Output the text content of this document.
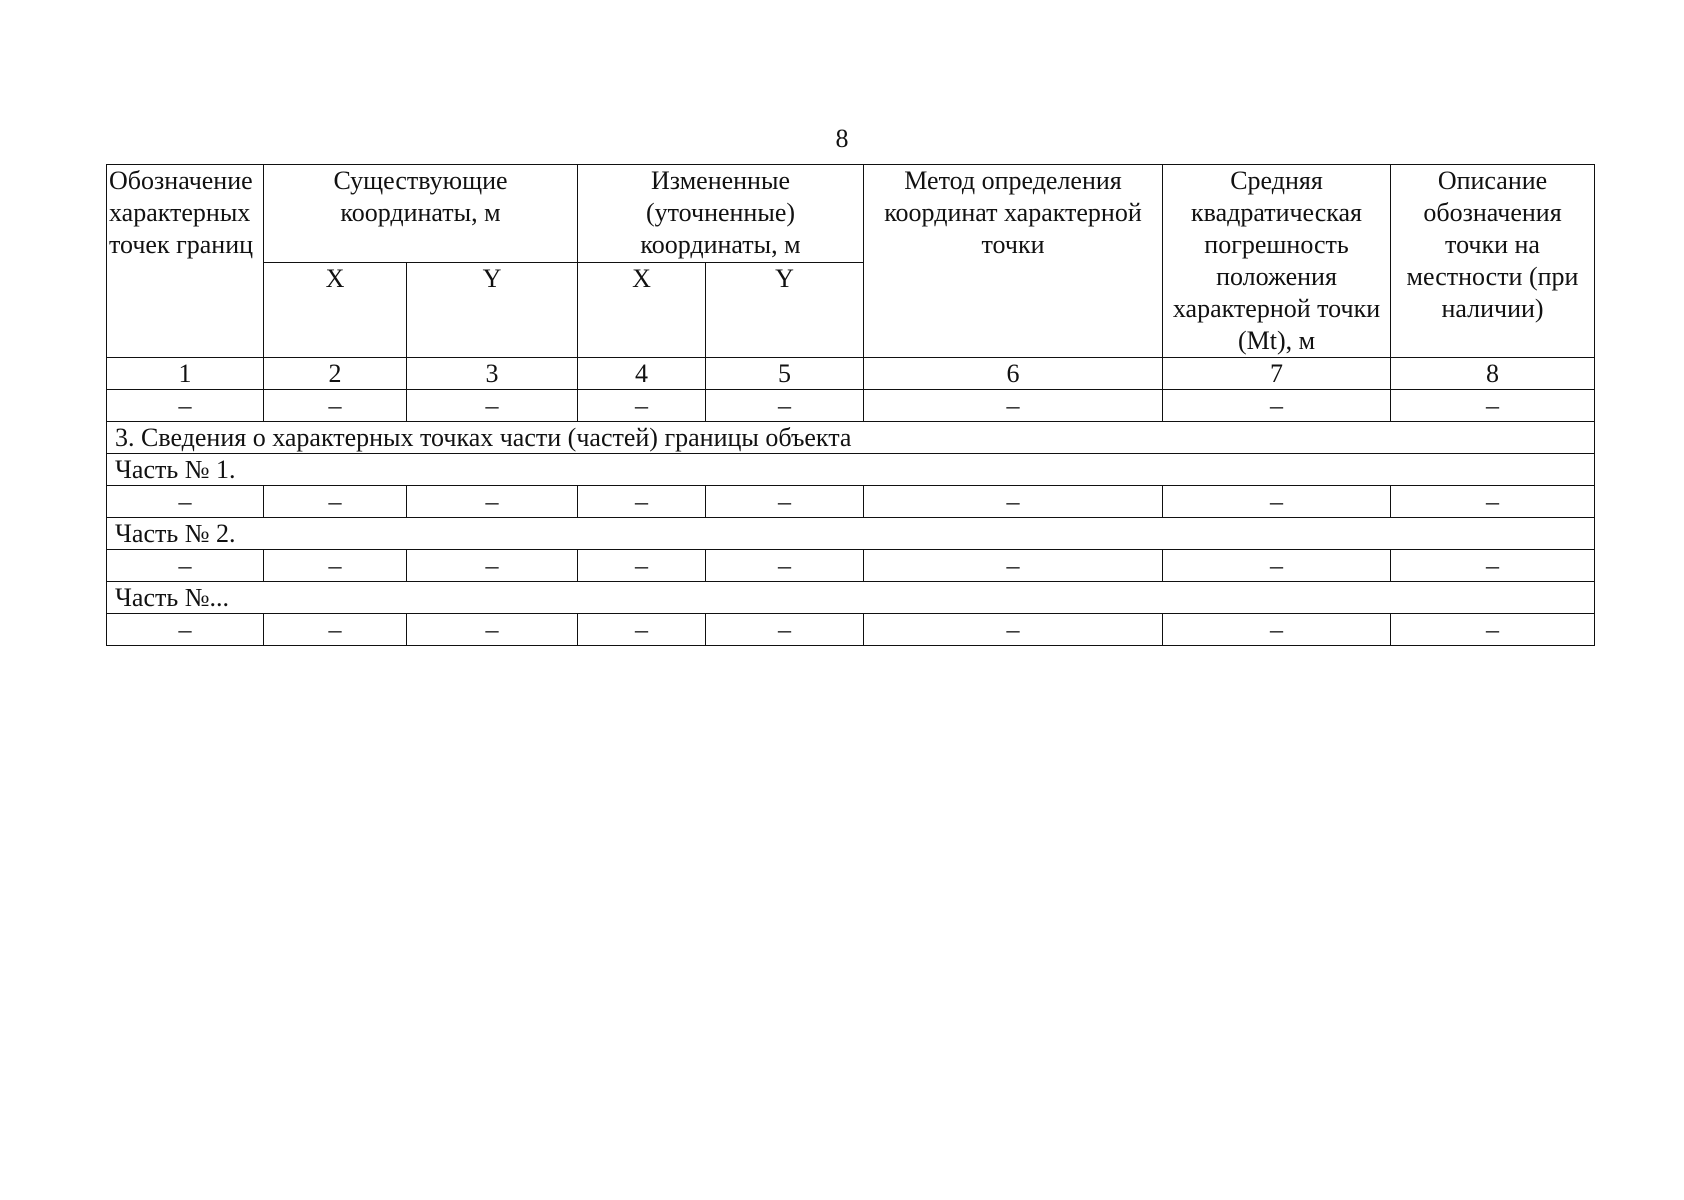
8
Обозначение характерных точек границ	Существующие координаты, м		Измененные (уточненные) координаты, м		Метод определения координат характерной точки	Средняя квадратическая погрешность положения характерной точки (Mt), м	Описание обозначения точки на местности (при наличии)
	X	Y	X	Y			
1	2	3	4	5	6	7	8
–	–	–	–	–	–	–	–
3. Сведения о характерных точках части (частей) границы объекта							
Часть № 1.							
–	–	–	–	–	–	–	–
Часть № 2.							
–	–	–	–	–	–	–	–
Часть №...							
–	–	–	–	–	–	–	–
